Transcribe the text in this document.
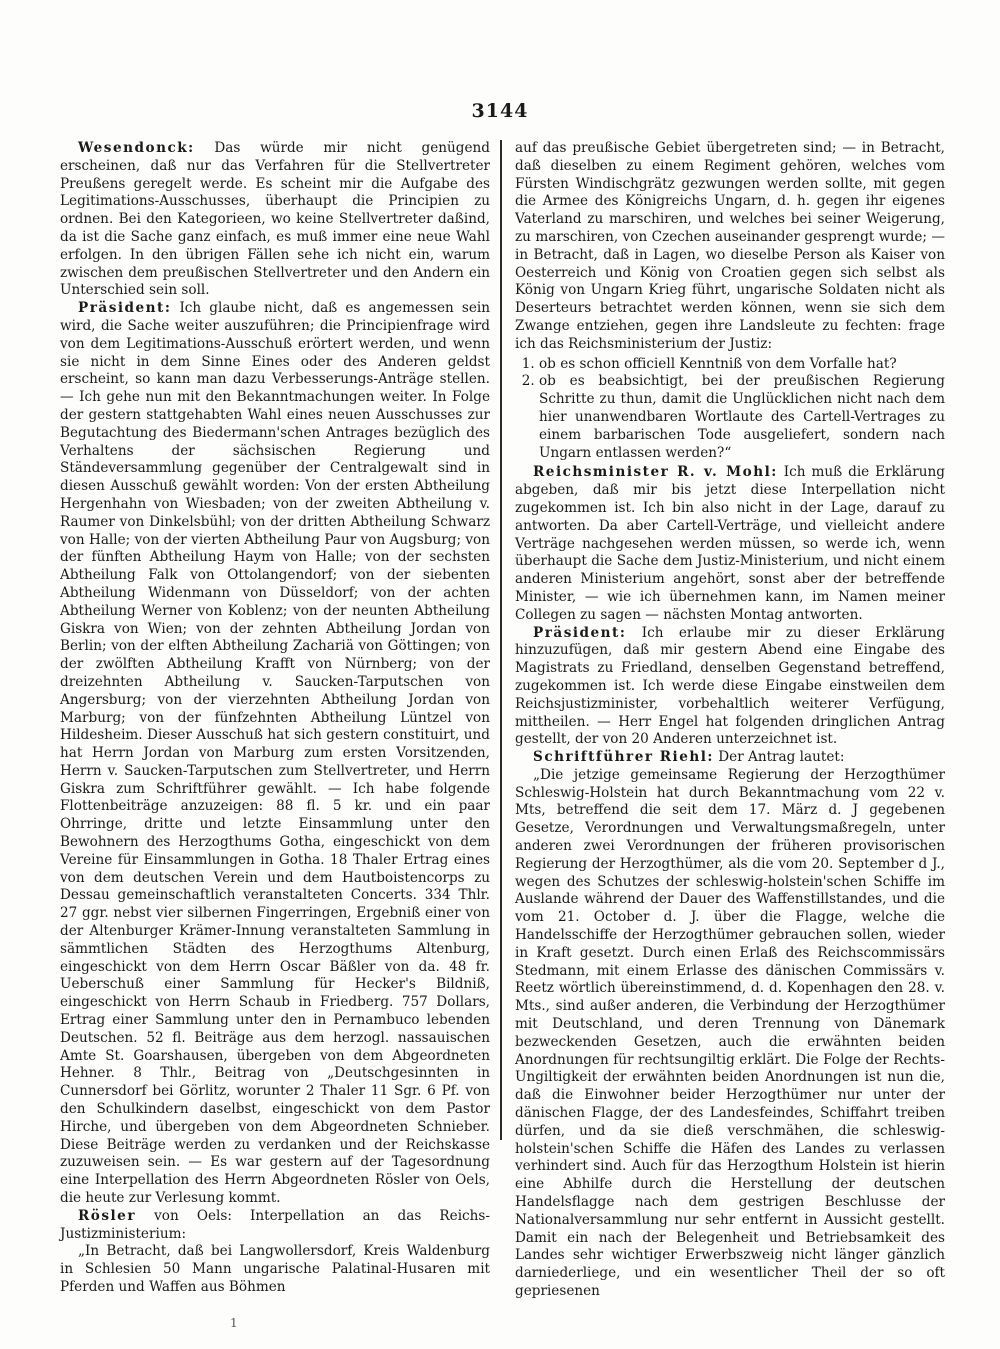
3144

Wesendonck: Das würde mir nicht genügend erscheinen, daß nur das Verfahren für die Stellvertreter Preußens geregelt werde. Es scheint mir die Aufgabe des Legitimations-Ausschusses, überhaupt die Principien zu ordnen. Bei den Kategorieen, wo keine Stellvertreter daßind, da ist die Sache ganz einfach, es muß immer eine neue Wahl erfolgen. In den übrigen Fällen sehe ich nicht ein, warum zwischen dem preußischen Stellvertreter und den Andern ein Unterschied sein soll.

Präsident: Ich glaube nicht, daß es angemessen sein wird, die Sache weiter auszuführen; die Principienfrage wird von dem Legitimations-Ausschuß erörtert werden, und wenn sie nicht in dem Sinne Eines oder des Anderen geldst erscheint, so kann man dazu Verbesserungs-Anträge stellen. — Ich gehe nun mit den Bekanntmachungen weiter. In Folge der gestern stattgehabten Wahl eines neuen Ausschusses zur Begutachtung des Biedermann'schen Antrages bezüglich des Verhaltens der sächsischen Regierung und Ständeversammlung gegenüber der Centralgewalt sind in diesen Ausschuß gewählt worden: Von der ersten Abtheilung Hergenhahn von Wiesbaden; von der zweiten Abtheilung v. Raumer von Dinkelsbühl; von der dritten Abtheilung Schwarz von Halle; von der vierten Abtheilung Paur von Augsburg; von der fünften Abtheilung Haym von Halle; von der sechsten Abtheilung Falk von Ottolangendorf; von der siebenten Abtheilung Widenmann von Düsseldorf; von der achten Abtheilung Werner von Koblenz; von der neunten Abtheilung Giskra von Wien; von der zehnten Abtheilung Jordan von Berlin; von der elften Abtheilung Zachariä von Göttingen; von der zwölften Abtheilung Krafft von Nürnberg; von der dreizehnten Abtheilung v. Saucken-Tarputschen von Angersburg; von der vierzehnten Abtheilung Jordan von Marburg; von der fünfzehnten Abtheilung Lüntzel von Hildesheim. Dieser Ausschuß hat sich gestern constituirt, und hat Herrn Jordan von Marburg zum ersten Vorsitzenden, Herrn v. Saucken-Tarputschen zum Stellvertreter, und Herrn Giskra zum Schriftführer gewählt. — Ich habe folgende Flottenbeiträge anzuzeigen: 88 fl. 5 kr. und ein paar Ohrringe, dritte und letzte Einsammlung unter den Bewohnern des Herzogthums Gotha, eingeschickt von dem Vereine für Einsammlungen in Gotha. 18 Thaler Ertrag eines von dem deutschen Verein und dem Hautboistencorps zu Dessau gemeinschaftlich veranstalteten Concerts. 334 Thlr. 27 ggr. nebst vier silbernen Fingerringen, Ergebniß einer von der Altenburger Krämer-Innung veranstalteten Sammlung in sämmtlichen Städten des Herzogthums Altenburg, eingeschickt von dem Herrn Oscar Bäßler von da. 48 fr. Ueberschuß einer Sammlung für Hecker's Bildniß, eingeschickt von Herrn Schaub in Friedberg. 757 Dollars, Ertrag einer Sammlung unter den in Pernambuco lebenden Deutschen. 52 fl. Beiträge aus dem herzogl. nassauischen Amte St. Goarshausen, übergeben von dem Abgeordneten Hehner. 8 Thlr., Beitrag von „Deutschgesinnten in Cunnersdorf bei Görlitz, worunter 2 Thaler 11 Sgr. 6 Pf. von den Schulkindern daselbst, eingeschickt von dem Pastor Hirche, und übergeben von dem Abgeordneten Schnieber. Diese Beiträge werden zu verdanken und der Reichskasse zuzuweisen sein. — Es war gestern auf der Tagesordnung eine Interpellation des Herrn Abgeordneten Rösler von Oels, die heute zur Verlesung kommt.

Rösler von Oels: Interpellation an das Reichs-Justizministerium:

„In Betracht, daß bei Langwollersdorf, Kreis Waldenburg in Schlesien 50 Mann ungarische Palatinal-Husaren mit Pferden und Waffen aus Böhmen

auf das preußische Gebiet übergetreten sind; — in Betracht, daß dieselben zu einem Regiment gehören, welches vom Fürsten Windischgrätz gezwungen werden sollte, mit gegen die Armee des Königreichs Ungarn, d. h. gegen ihr eigenes Vaterland zu marschiren, und welches bei seiner Weigerung, zu marschiren, von Czechen auseinander gesprengt wurde; — in Betracht, daß in Lagen, wo dieselbe Person als Kaiser von Oesterreich und König von Croatien gegen sich selbst als König von Ungarn Krieg führt, ungarische Soldaten nicht als Deserteurs betrachtet werden können, wenn sie sich dem Zwange entziehen, gegen ihre Landsleute zu fechten: frage ich das Reichsministerium der Justiz:

1. ob es schon officiell Kenntniß von dem Vorfalle hat?
2. ob es beabsichtigt, bei der preußischen Regierung Schritte zu thun, damit die Unglücklichen nicht nach dem hier unanwendbaren Wortlaute des Cartell-Vertrages zu einem barbarischen Tode ausgeliefert, sondern nach Ungarn entlassen werden?“

Reichsminister R. v. Mohl: Ich muß die Erklärung abgeben, daß mir bis jetzt diese Interpellation nicht zugekommen ist. Ich bin also nicht in der Lage, darauf zu antworten. Da aber Cartell-Verträge, und vielleicht andere Verträge nachgesehen werden müssen, so werde ich, wenn überhaupt die Sache dem Justiz-Ministerium, und nicht einem anderen Ministerium angehört, sonst aber der betreffende Minister, — wie ich übernehmen kann, im Namen meiner Collegen zu sagen — nächsten Montag antworten.

Präsident: Ich erlaube mir zu dieser Erklärung hinzuzufügen, daß mir gestern Abend eine Eingabe des Magistrats zu Friedland, denselben Gegenstand betreffend, zugekommen ist. Ich werde diese Eingabe einstweilen dem Reichsjustizminister, vorbehaltlich weiterer Verfügung, mittheilen. — Herr Engel hat folgenden dringlichen Antrag gestellt, der von 20 Anderen unterzeichnet ist.

Schriftführer Riehl: Der Antrag lautet:

„Die jetzige gemeinsame Regierung der Herzogthümer Schleswig-Holstein hat durch Bekanntmachung vom 22 v. Mts, betreffend die seit dem 17. März d. J gegebenen Gesetze, Verordnungen und Verwaltungsmaßregeln, unter anderen zwei Verordnungen der früheren provisorischen Regierung der Herzogthümer, als die vom 20. September d J., wegen des Schutzes der schleswig-holstein'schen Schiffe im Auslande während der Dauer des Waffenstillstandes, und die vom 21. October d. J. über die Flagge, welche die Handelsschiffe der Herzogthümer gebrauchen sollen, wieder in Kraft gesetzt. Durch einen Erlaß des Reichscommissärs Stedmann, mit einem Erlasse des dänischen Commissärs v. Reetz wörtlich übereinstimmend, d. d. Kopenhagen den 28. v. Mts., sind außer anderen, die Verbindung der Herzogthümer mit Deutschland, und deren Trennung von Dänemark bezweckenden Gesetzen, auch die erwähnten beiden Anordnungen für rechtsungiltig erklärt. Die Folge der Rechts-Ungiltigkeit der erwähnten beiden Anordnungen ist nun die, daß die Einwohner beider Herzogthümer nur unter der dänischen Flagge, der des Landesfeindes, Schiffahrt treiben dürfen, und da sie dieß verschmähen, die schleswig-holstein'schen Schiffe die Häfen des Landes zu verlassen verhindert sind. Auch für das Herzogthum Holstein ist hierin eine Abhilfe durch die Herstellung der deutschen Handelsflagge nach dem gestrigen Beschlusse der Nationalversammlung nur sehr entfernt in Aussicht gestellt. Damit ein nach der Belegenheit und Betriebsamkeit des Landes sehr wichtiger Erwerbszweig nicht länger gänzlich darniederliege, und ein wesentlicher Theil der so oft gepriesenen

1
